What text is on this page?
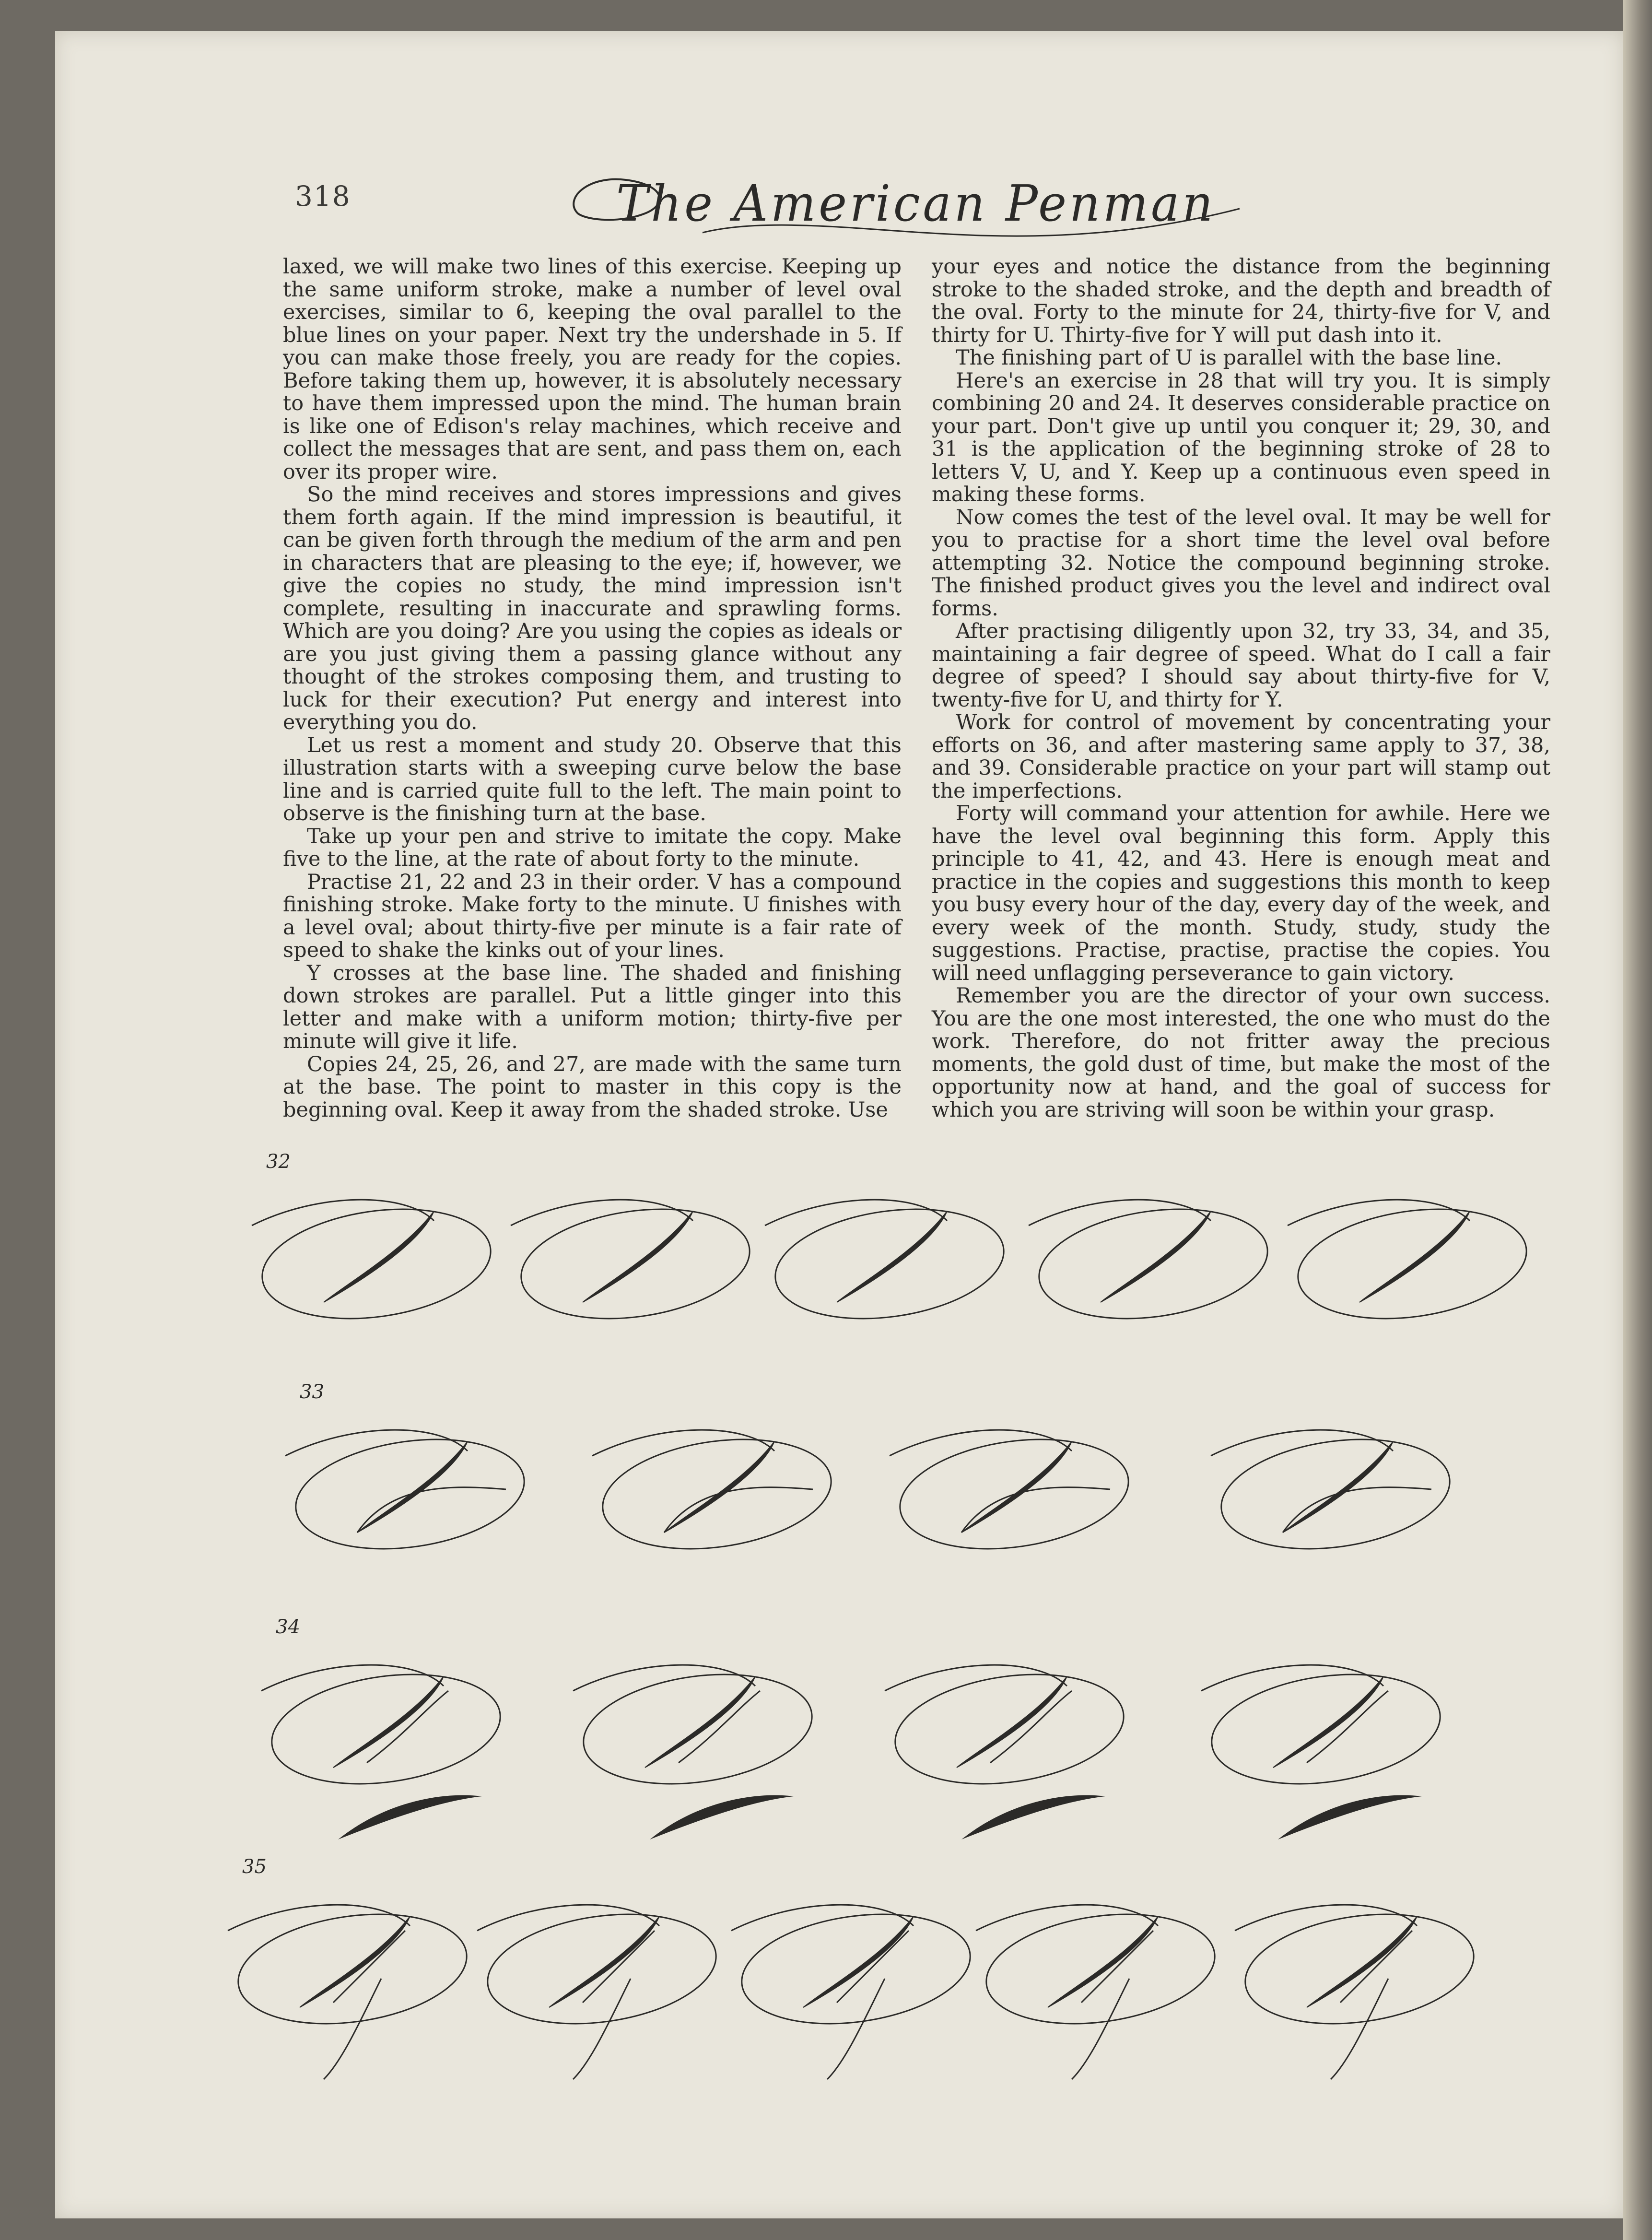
318	The American Penman

laxed, we will make two lines of this exercise. Keeping up the same uniform stroke, make a number of level oval exercises, similar to 6, keeping the oval parallel to the blue lines on your paper. Next try the undershade in 5. If you can make those freely, you are ready for the copies. Before taking them up, however, it is absolutely necessary to have them impressed upon the mind. The human brain is like one of Edison's relay machines, which receive and collect the messages that are sent, and pass them on, each over its proper wire.

So the mind receives and stores impressions and gives them forth again. If the mind impression is beautiful, it can be given forth through the medium of the arm and pen in characters that are pleasing to the eye; if, however, we give the copies no study, the mind impression isn't complete, resulting in inaccurate and sprawling forms. Which are you doing? Are you using the copies as ideals or are you just giving them a passing glance without any thought of the strokes composing them, and trusting to luck for their execution? Put energy and interest into everything you do.

Let us rest a moment and study 20. Observe that this illustration starts with a sweeping curve below the base line and is carried quite full to the left. The main point to observe is the finishing turn at the base.

Take up your pen and strive to imitate the copy. Make five to the line, at the rate of about forty to the minute.

Practise 21, 22 and 23 in their order. V has a compound finishing stroke. Make forty to the minute. U finishes with a level oval; about thirty-five per minute is a fair rate of speed to shake the kinks out of your lines.

Y crosses at the base line. The shaded and finishing down strokes are parallel. Put a little ginger into this letter and make with a uniform motion; thirty-five per minute will give it life.

Copies 24, 25, 26, and 27, are made with the same turn at the base. The point to master in this copy is the beginning oval. Keep it away from the shaded stroke. Use

your eyes and notice the distance from the beginning stroke to the shaded stroke, and the depth and breadth of the oval. Forty to the minute for 24, thirty-five for V, and thirty for U. Thirty-five for Y will put dash into it.

The finishing part of U is parallel with the base line.

Here's an exercise in 28 that will try you. It is simply combining 20 and 24. It deserves considerable practice on your part. Don't give up until you conquer it; 29, 30, and 31 is the application of the beginning stroke of 28 to letters V, U, and Y. Keep up a continuous even speed in making these forms.

Now comes the test of the level oval. It may be well for you to practise for a short time the level oval before attempting 32. Notice the compound beginning stroke. The finished product gives you the level and indirect oval forms.

After practising diligently upon 32, try 33, 34, and 35, maintaining a fair degree of speed. What do I call a fair degree of speed? I should say about thirty-five for V, twenty-five for U, and thirty for Y.

Work for control of movement by concentrating your efforts on 36, and after mastering same apply to 37, 38, and 39. Considerable practice on your part will stamp out the imperfections.

Forty will command your attention for awhile. Here we have the level oval beginning this form. Apply this principle to 41, 42, and 43. Here is enough meat and practice in the copies and suggestions this month to keep you busy every hour of the day, every day of the week, and every week of the month. Study, study, study the suggestions. Practise, practise, practise the copies. You will need unflagging perseverance to gain victory.

Remember you are the director of your own success. You are the one most interested, the one who must do the work. Therefore, do not fritter away the precious moments, the gold dust of time, but make the most of the opportunity now at hand, and the goal of success for which you are striving will soon be within your grasp.

32
33
34
35
